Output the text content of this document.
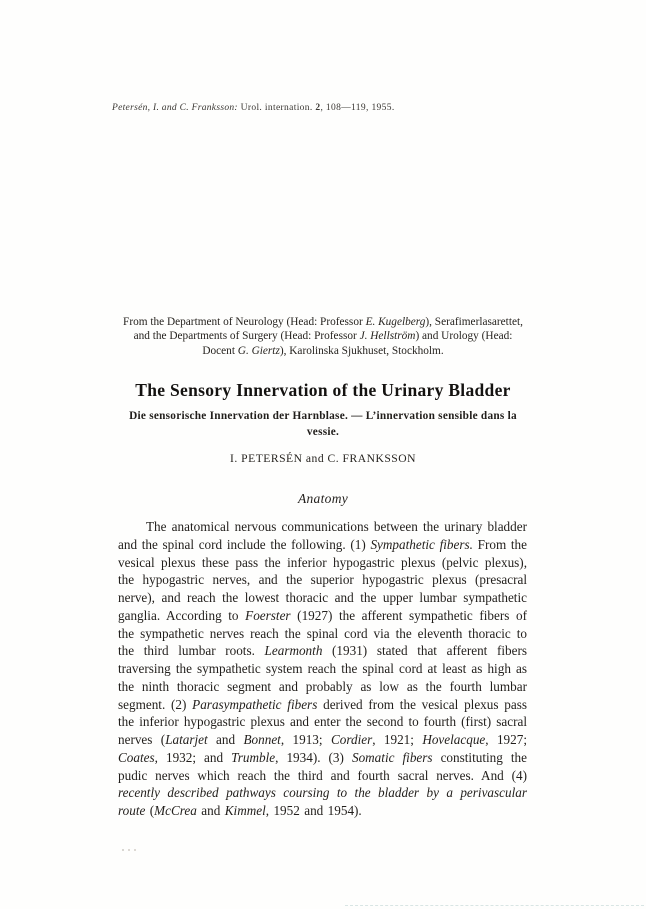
Petersén, I. and C. Franksson: Urol. internation. 2, 108—119, 1955.

From the Department of Neurology (Head: Professor E. Kugelberg), Serafimerlasarettet,
and the Departments of Surgery (Head: Professor J. Hellström) and Urology (Head:
Docent G. Giertz), Karolinska Sjukhuset, Stockholm.
The Sensory Innervation of the Urinary Bladder
Die sensorische Innervation der Harnblase. — L’innervation sensible dans la
vessie.
I. PETERSÉN and C. FRANKSSON
Anatomy

The anatomical nervous communications between the urinary bladder and the spinal cord include the following. (1) Sympathetic fibers. From the vesical plexus these pass the inferior hypogastric plexus (pelvic plexus), the hypogastric nerves, and the superior hypogastric plexus (presacral nerve), and reach the lowest thoracic and the upper lumbar sympathetic ganglia. According to Foerster (1927) the afferent sympathetic fibers of the sympathetic nerves reach the spinal cord via the eleventh thoracic to the third lumbar roots. Learmonth (1931) stated that afferent fibers traversing the sympathetic system reach the spinal cord at least as high as the ninth thoracic segment and probably as low as the fourth lumbar segment. (2) Parasympathetic fibers derived from the vesical plexus pass the inferior hypogastric plexus and enter the second to fourth (first) sacral nerves (Latarjet and Bonnet, 1913; Cordier, 1921; Hovelacque, 1927; Coates, 1932; and Trumble, 1934). (3) Somatic fibers constituting the pudic nerves which reach the third and fourth sacral nerves. And (4) recently described pathways coursing to the bladder by a perivascular route (McCrea and Kimmel, 1952 and 1954).
